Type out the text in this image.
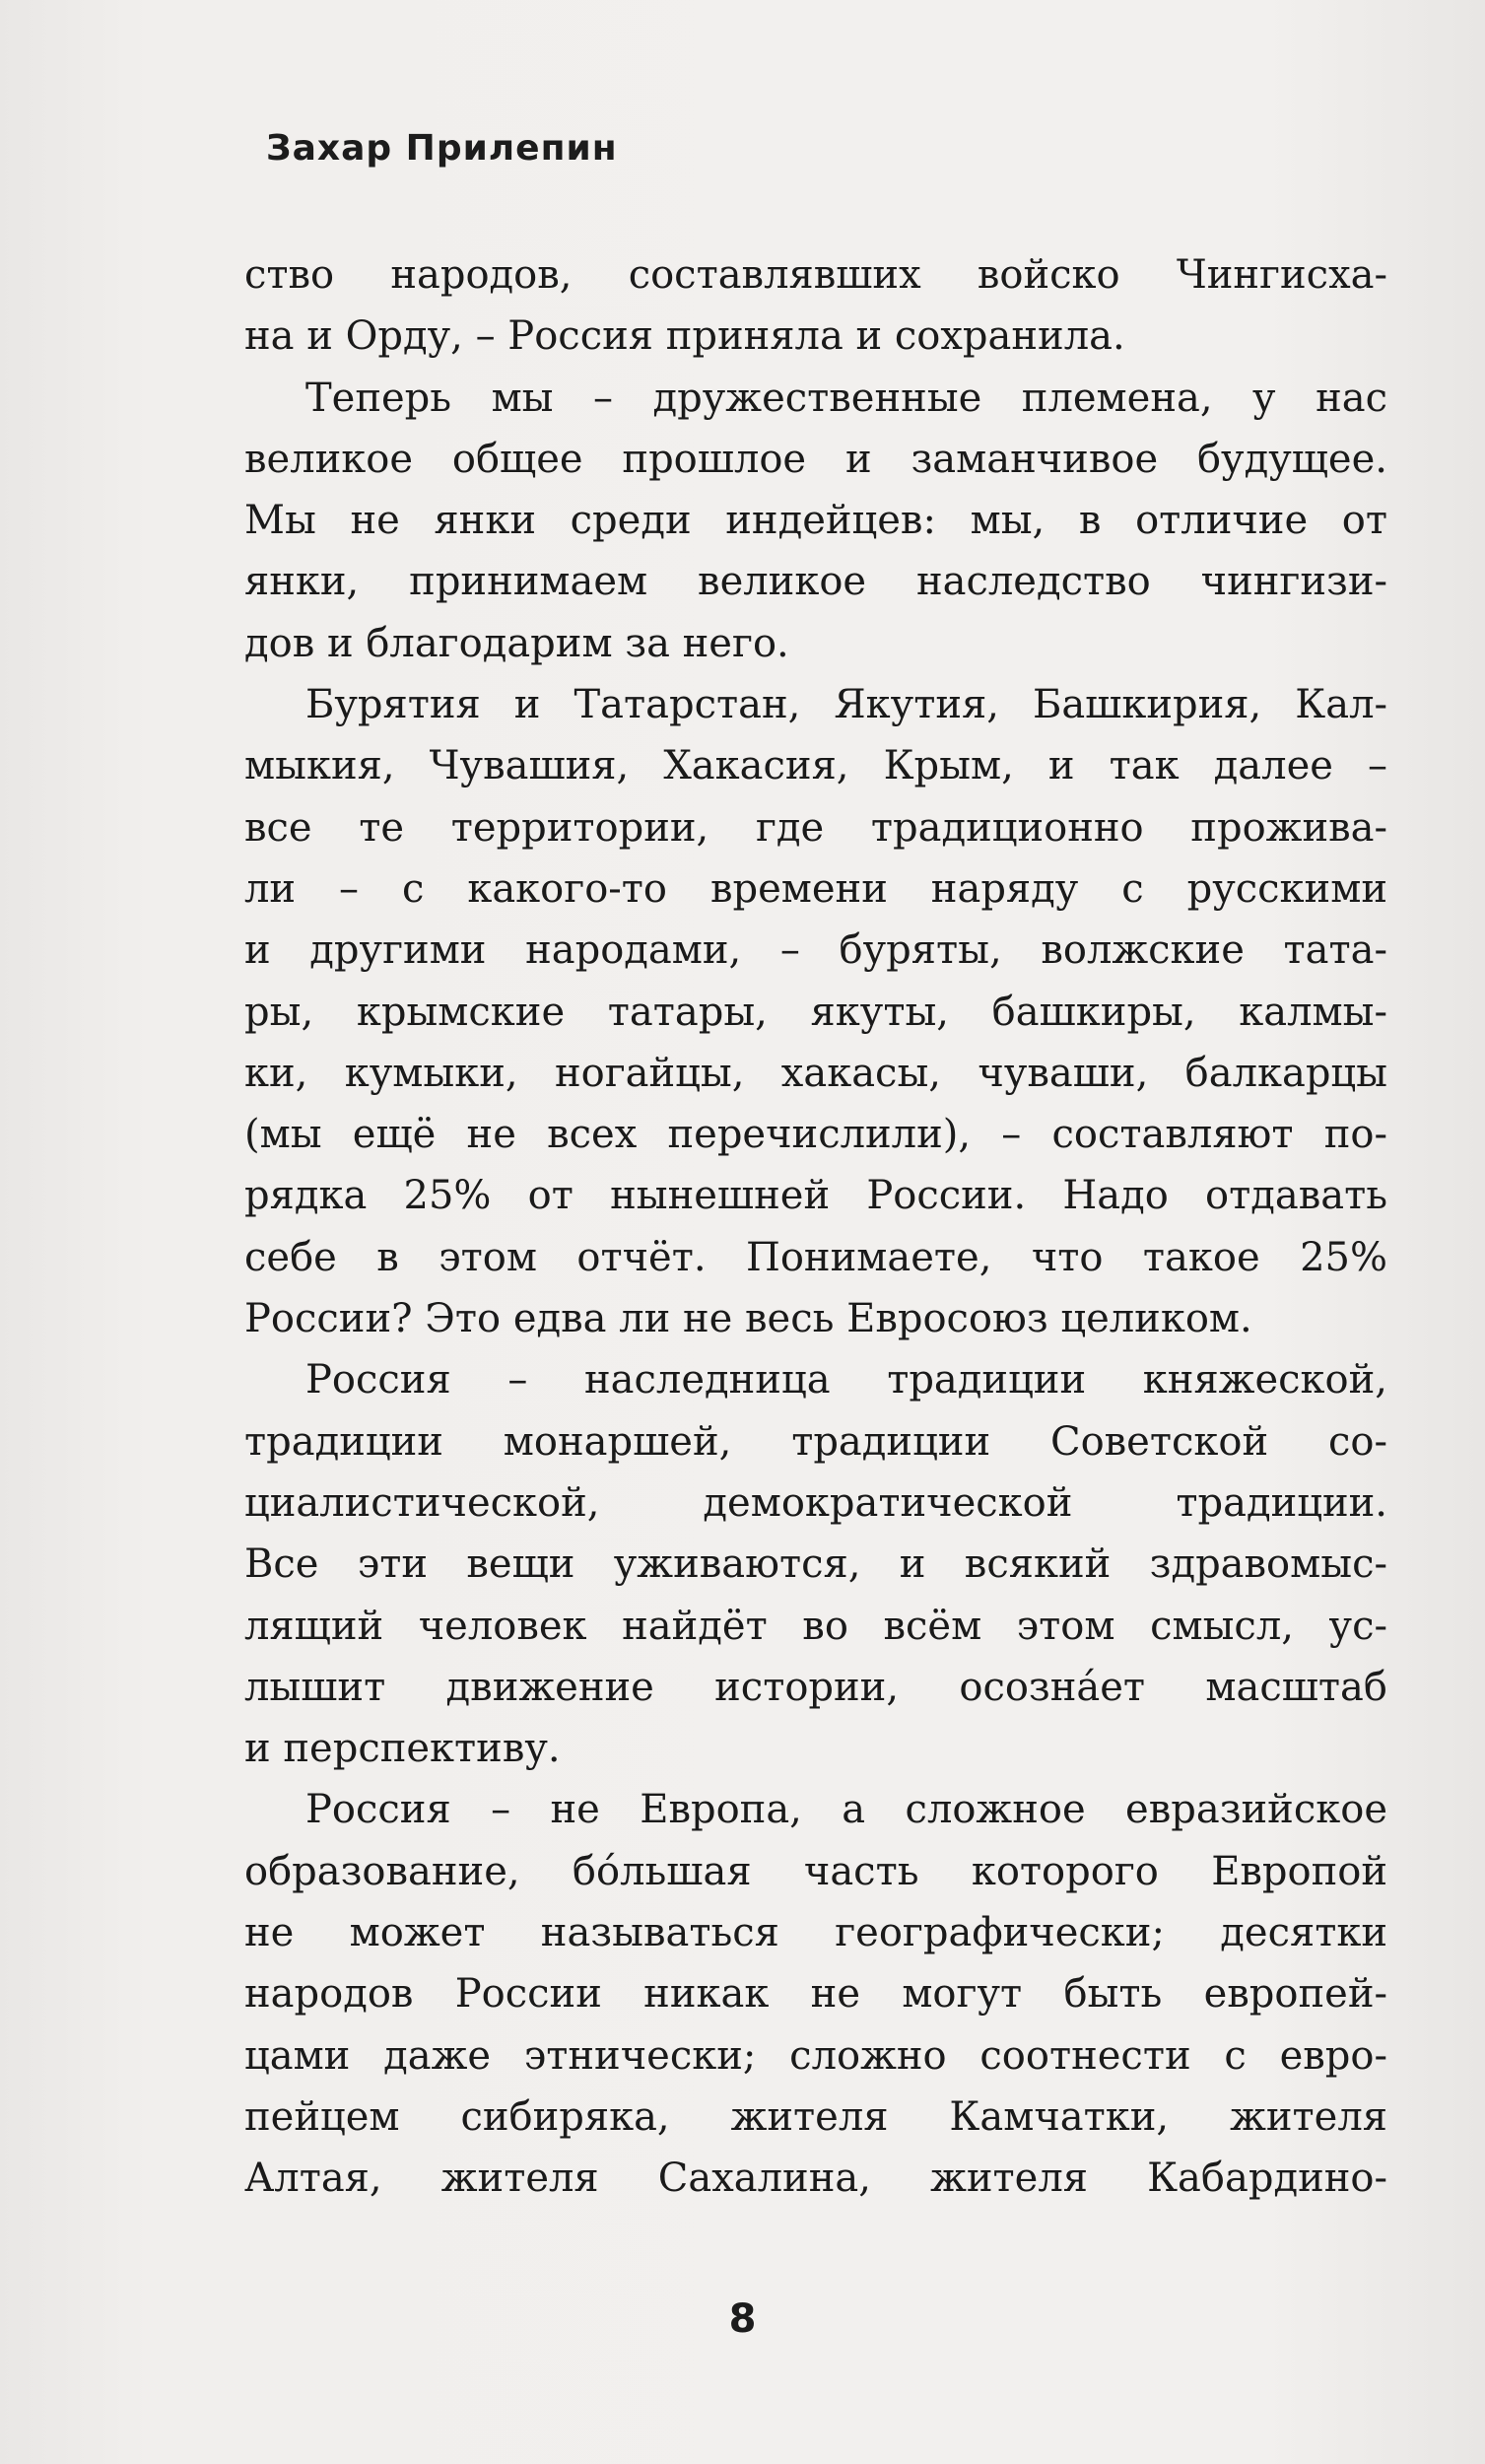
Захар Прилепин
ство народов, составлявших войско Чингисха-
на и Орду, – Россия приняла и сохранила.
Теперь мы – дружественные племена, у нас
великое общее прошлое и заманчивое будущее.
Мы не янки среди индейцев: мы, в отличие от
янки, принимаем великое наследство чингизи-
дов и благодарим за него.
Бурятия и Татарстан, Якутия, Башкирия, Кал-
мыкия, Чувашия, Хакасия, Крым, и так далее –
все те территории, где традиционно прожива-
ли – с какого-то времени наряду с русскими
и другими народами, – буряты, волжские тата-
ры, крымские татары, якуты, башкиры, калмы-
ки, кумыки, ногайцы, хакасы, чуваши, балкарцы
(мы ещё не всех перечислили), – составляют по-
рядка 25% от нынешней России. Надо отдавать
себе в этом отчёт. Понимаете, что такое 25%
России? Это едва ли не весь Евросоюз целиком.
Россия – наследница традиции княжеской,
традиции монаршей, традиции Советской со-
циалистической, демократической традиции.
Все эти вещи уживаются, и всякий здравомыс-
лящий человек найдёт во всём этом смысл, ус-
лышит движение истории, осознáет масштаб
и перспективу.
Россия – не Европа, а сложное евразийское
образование, бóльшая часть которого Европой
не может называться географически; десятки
народов России никак не могут быть европей-
цами даже этнически; сложно соотнести с евро-
пейцем сибиряка, жителя Камчатки, жителя
Алтая, жителя Сахалина, жителя Кабардино-
8
